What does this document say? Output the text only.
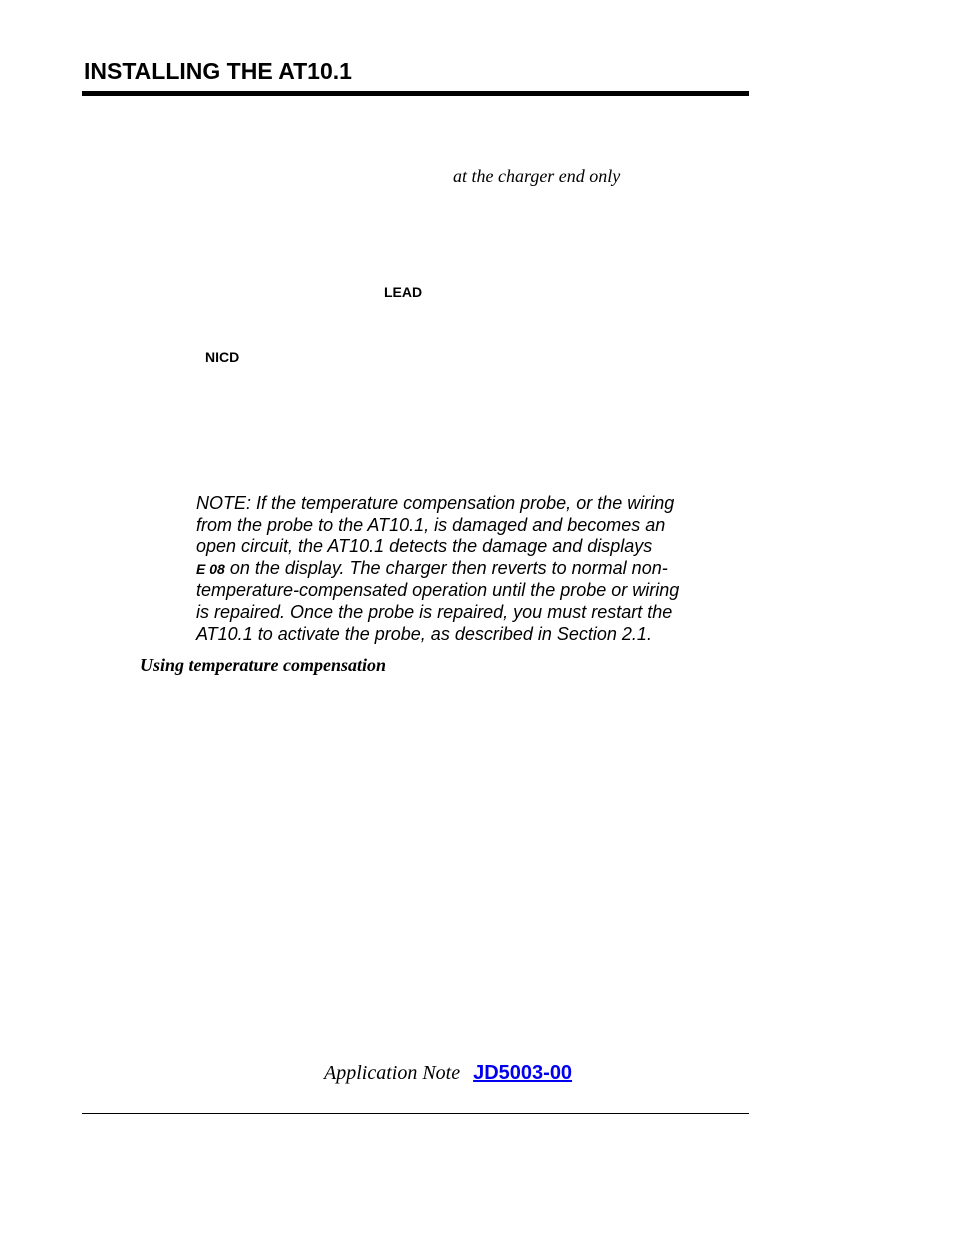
INSTALLING THE AT10.1
at the charger end only
LEAD
NICD
NOTE: If the temperature compensation probe, or the wiring
from the probe to the AT10.1, is damaged and becomes an
open circuit, the AT10.1 detects the damage and displays
E 08 on the display. The charger then reverts to normal non-
temperature-compensated operation until the probe or wiring
is repaired. Once the probe is repaired, you must restart the
AT10.1 to activate the probe, as described in Section 2.1.
Using temperature compensation
Application Note JD5003-00
